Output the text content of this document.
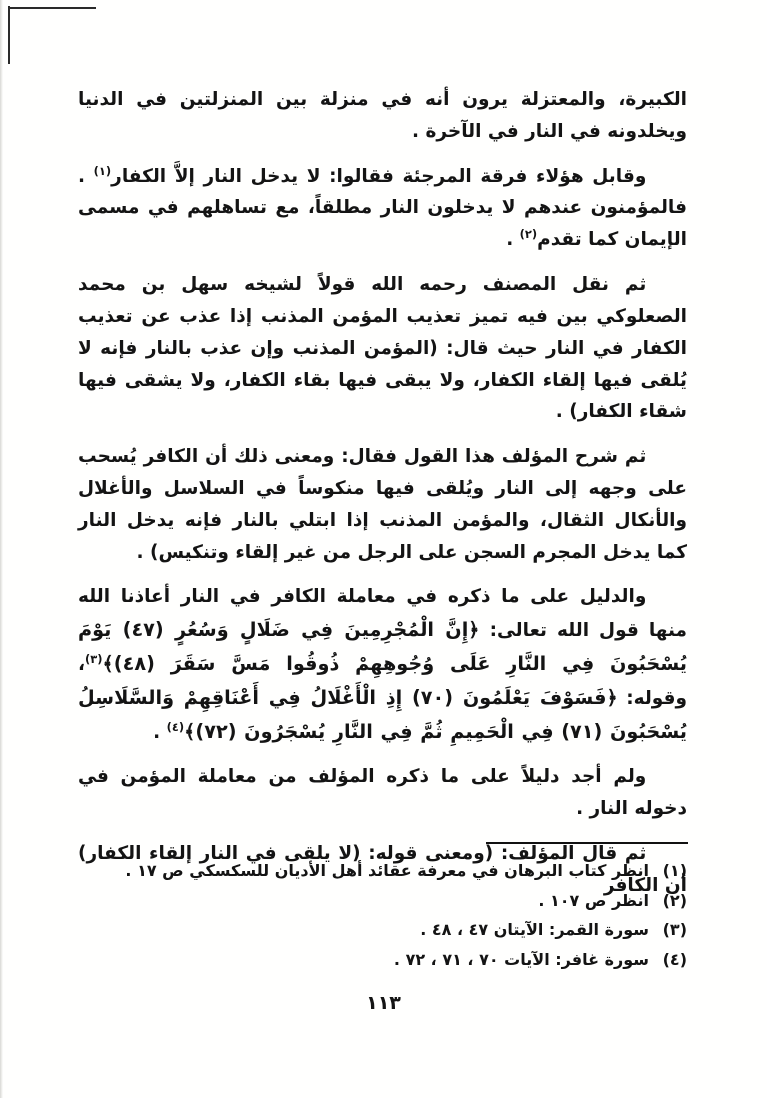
الكبيرة، والمعتزلة يرون أنه في منزلة بين المنزلتين في الدنيا ويخلدونه في النار في الآخرة .

وقابل هؤلاء فرقة المرجئة فقالوا: لا يدخل النار إلاَّ الكفار$^{(١)}$ . فالمؤمنون عندهم لا يدخلون النار مطلقاً، مع تساهلهم في مسمى الإيمان كما تقدم$^{(٢)}$ .

ثم نقل المصنف رحمه الله قولاً لشيخه سهل بن محمد الصعلوكي بين فيه تميز تعذيب المؤمن المذنب إذا عذب عن تعذيب الكفار في النار حيث قال: (المؤمن المذنب وإن عذب بالنار فإنه لا يُلقى فيها إلقاء الكفار، ولا يبقى فيها بقاء الكفار، ولا يشقى فيها شقاء الكفار) .

ثم شرح المؤلف هذا القول فقال: ومعنى ذلك أن الكافر يُسحب على وجهه إلى النار ويُلقى فيها منكوساً في السلاسل والأغلال والأنكال الثقال، والمؤمن المذنب إذا ابتلي بالنار فإنه يدخل النار كما يدخل المجرم السجن على الرجل من غير إلقاء وتنكيس) .

والدليل على ما ذكره في معاملة الكافر في النار أعاذنا الله منها قول الله تعالى: ﴿إِنَّ الْمُجْرِمِينَ فِي ضَلَالٍ وَسُعُرٍ (٤٧) يَوْمَ يُسْحَبُونَ فِي النَّارِ عَلَى وُجُوهِهِمْ ذُوقُوا مَسَّ سَقَرَ (٤٨)﴾$^{(٣)}$، وقوله: ﴿فَسَوْفَ يَعْلَمُونَ (٧٠) إِذِ الْأَغْلَالُ فِي أَعْنَاقِهِمْ وَالسَّلَاسِلُ يُسْحَبُونَ (٧١) فِي الْحَمِيمِ ثُمَّ فِي النَّارِ يُسْجَرُونَ (٧٢)﴾$^{(٤)}$ .

ولم أجد دليلاً على ما ذكره المؤلف من معاملة المؤمن في دخوله النار .

ثم قال المؤلف: (ومعنى قوله: (لا يلقى في النار إلقاء الكفار) أن الكافر

(١)
انظر كتاب البرهان في معرفة عقائد أهل الأديان للسكسكي ص ١٧ .
(٢)
انظر ص ١٠٧ .
(٣)
سورة القمر: الآيتان ٤٧ ، ٤٨ .
(٤)
سورة غافر: الآيات ٧٠ ، ٧١ ، ٧٢ .
١١٣
